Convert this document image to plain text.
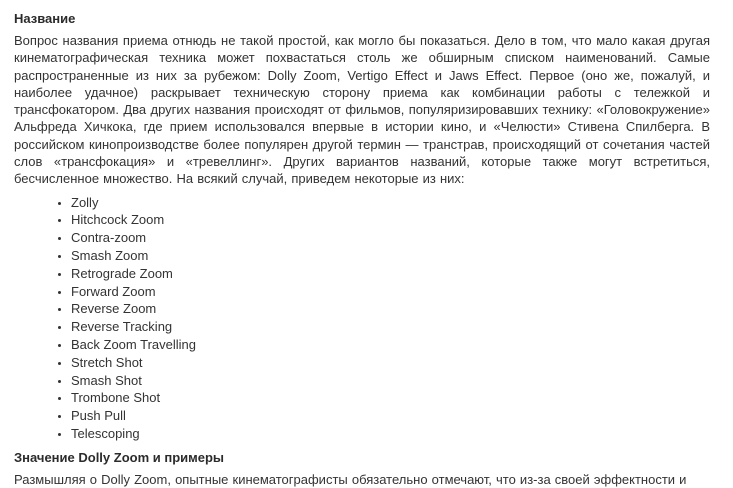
Название

Вопрос названия приема отнюдь не такой простой, как могло бы показаться. Дело в том, что мало какая другая кинематографическая техника может похвастаться столь же обширным списком наименований. Самые распространенные из них за рубежом: Dolly Zoom, Vertigo Effect и Jaws Effect. Первое (оно же, пожалуй, и наиболее удачное) раскрывает техническую сторону приема как комбинации работы с тележкой и трансфокатором. Два других названия происходят от фильмов, популяризировавших технику: «Головокружение» Альфреда Хичкока, где прием использовался впервые в истории кино, и «Челюсти» Стивена Спилберга. В российском кинопроизводстве более популярен другой термин — транстрав, происходящий от сочетания частей слов «трансфокация» и «тревеллинг». Других вариантов названий, которые также могут встретиться, бесчисленное множество. На всякий случай, приведем некоторые из них:

• Zolly
• Hitchcock Zoom
• Contra-zoom
• Smash Zoom
• Retrograde Zoom
• Forward Zoom
• Reverse Zoom
• Reverse Tracking
• Back Zoom Travelling
• Stretch Shot
• Smash Shot
• Trombone Shot
• Push Pull
• Telescoping
Значение Dolly Zoom и примеры

Размышляя о Dolly Zoom, опытные кинематографисты обязательно отмечают, что из-за своей эффектности и
